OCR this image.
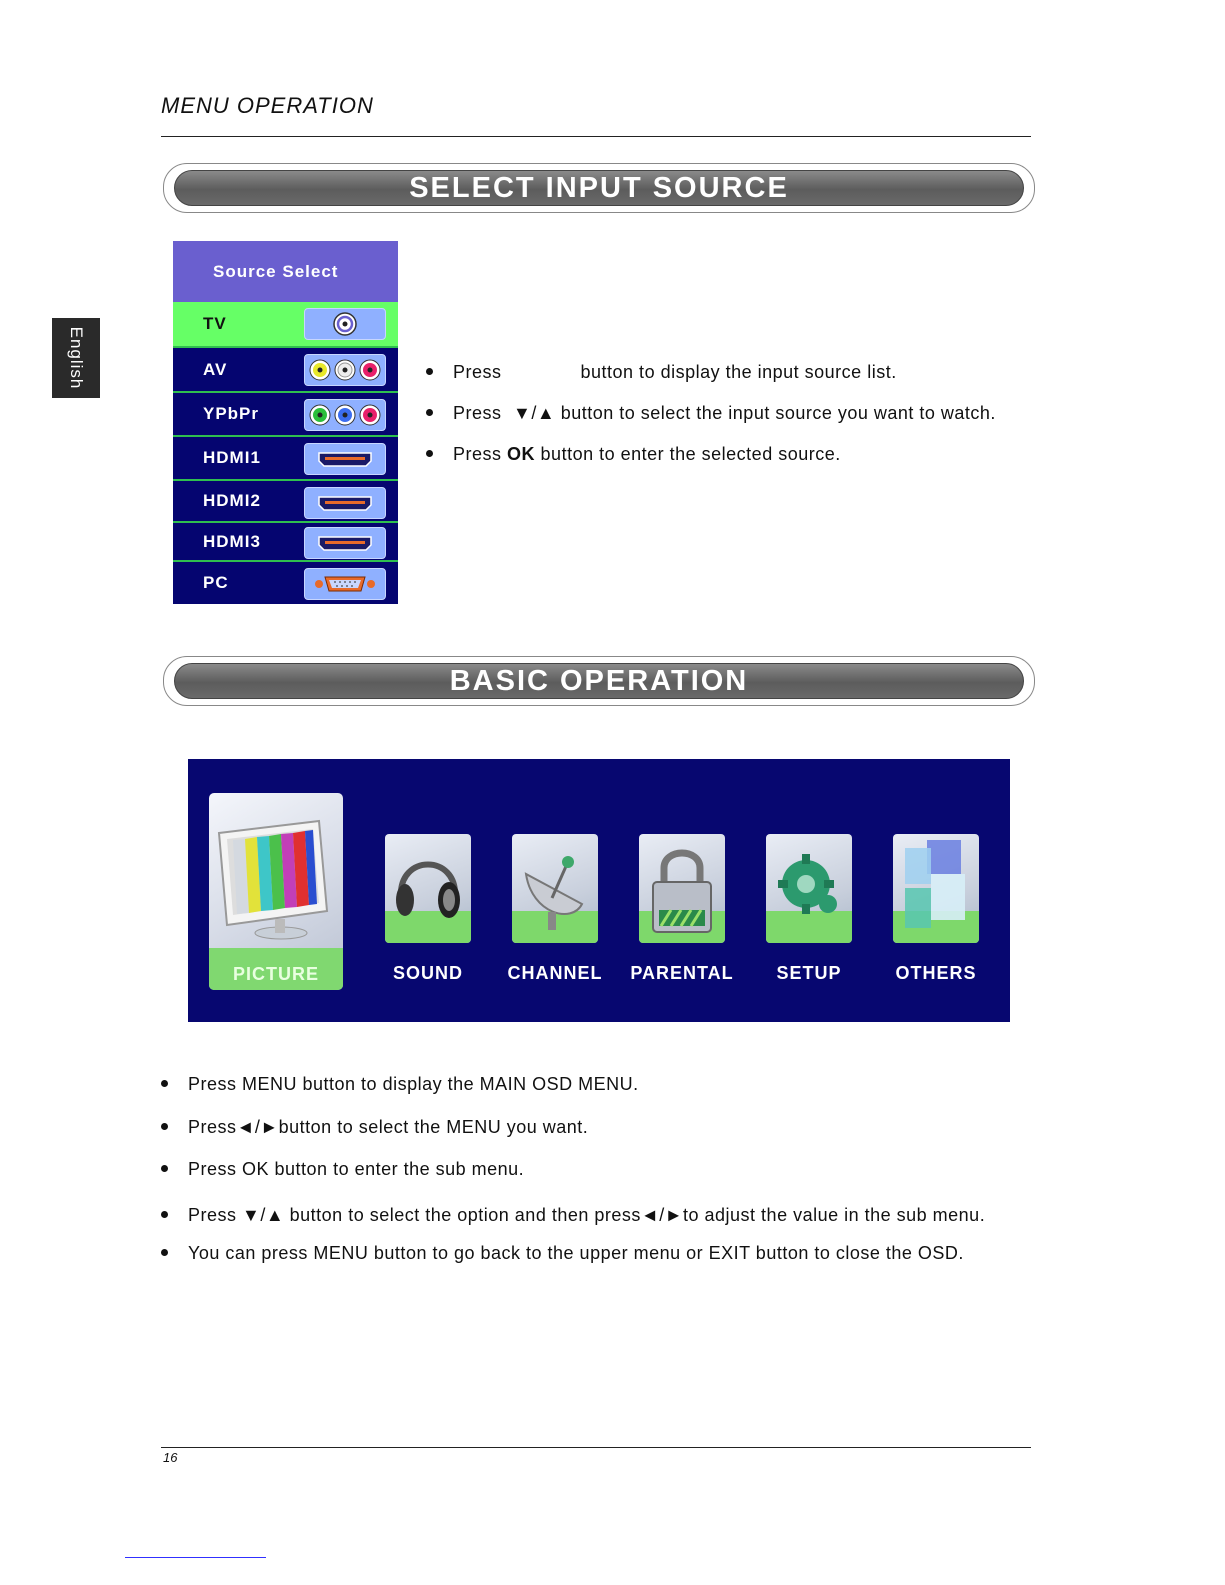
MENU OPERATION
English
SELECT INPUT SOURCE
Source Select
TV
AV
YPbPr
HDMI1
HDMI2
HDMI3
PC
Press	button to display the input source list.
Press ▼/▲ button to select the input source you want to watch.
Press OK button to enter the selected source.
BASIC OPERATION
PICTURE	SOUND	CHANNEL	PARENTAL	SETUP	OTHERS
Press MENU button to display the MAIN OSD MENU.
Press◄/►button to select the MENU you want.
Press OK button to enter the sub menu.
Press ▼/▲ button to select the option and then press◄/►to adjust the value in the sub menu.
You can press MENU button to go back to the upper menu or EXIT button to close the OSD.
16
